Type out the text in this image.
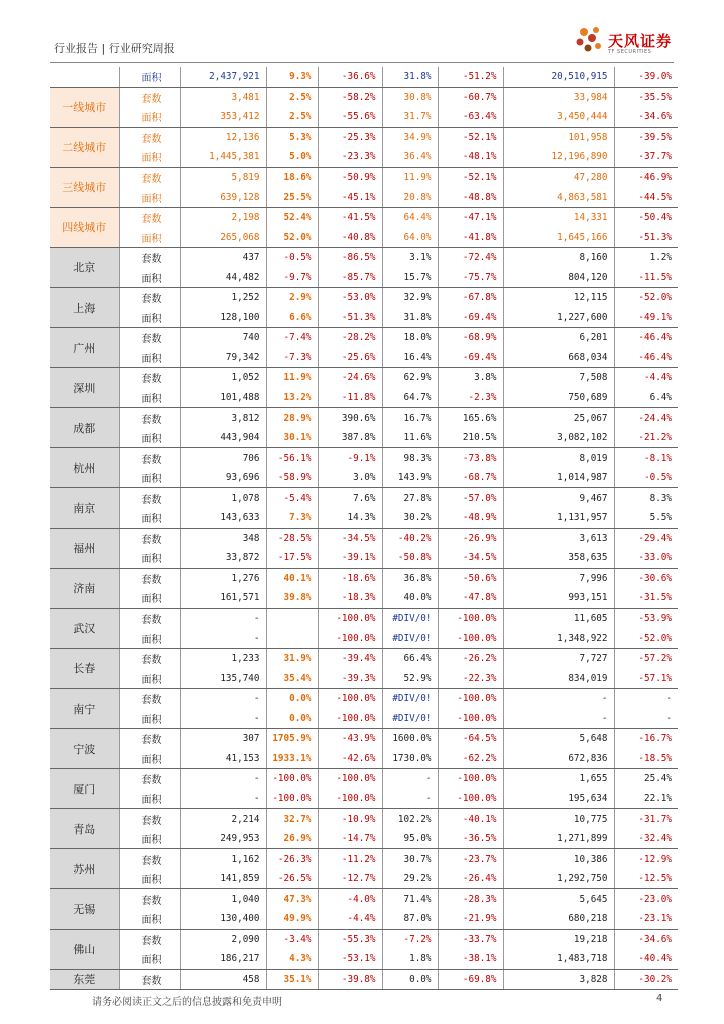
行业报告 | 行业研究周报	天风证券
TF SECURITIES
	面积	2,437,921	9.3%	-36.6%	31.8%	-51.2%	20,510,915	-39.0%
一线城市	套数	3,481	2.5%	-58.2%	30.8%	-60.7%	33,984	-35.5%
	面积	353,412	2.5%	-55.6%	31.7%	-63.4%	3,450,444	-34.6%
二线城市	套数	12,136	5.3%	-25.3%	34.9%	-52.1%	101,958	-39.5%
	面积	1,445,381	5.0%	-23.3%	36.4%	-48.1%	12,196,890	-37.7%
三线城市	套数	5,819	18.6%	-50.9%	11.9%	-52.1%	47,280	-46.9%
	面积	639,128	25.5%	-45.1%	20.8%	-48.8%	4,863,581	-44.5%
四线城市	套数	2,198	52.4%	-41.5%	64.4%	-47.1%	14,331	-50.4%
	面积	265,068	52.0%	-40.8%	64.0%	-41.8%	1,645,166	-51.3%
北京	套数	437	-0.5%	-86.5%	3.1%	-72.4%	8,160	1.2%
	面积	44,482	-9.7%	-85.7%	15.7%	-75.7%	804,120	-11.5%
上海	套数	1,252	2.9%	-53.0%	32.9%	-67.8%	12,115	-52.0%
	面积	128,100	6.6%	-51.3%	31.8%	-69.4%	1,227,600	-49.1%
广州	套数	740	-7.4%	-28.2%	18.0%	-68.9%	6,201	-46.4%
	面积	79,342	-7.3%	-25.6%	16.4%	-69.4%	668,034	-46.4%
深圳	套数	1,052	11.9%	-24.6%	62.9%	3.8%	7,508	-4.4%
	面积	101,488	13.2%	-11.8%	64.7%	-2.3%	750,689	6.4%
成都	套数	3,812	28.9%	390.6%	16.7%	165.6%	25,067	-24.4%
	面积	443,904	30.1%	387.8%	11.6%	210.5%	3,082,102	-21.2%
杭州	套数	706	-56.1%	-9.1%	98.3%	-73.8%	8,019	-8.1%
	面积	93,696	-58.9%	3.0%	143.9%	-68.7%	1,014,987	-0.5%
南京	套数	1,078	-5.4%	7.6%	27.8%	-57.0%	9,467	8.3%
	面积	143,633	7.3%	14.3%	30.2%	-48.9%	1,131,957	5.5%
福州	套数	348	-28.5%	-34.5%	-40.2%	-26.9%	3,613	-29.4%
	面积	33,872	-17.5%	-39.1%	-50.8%	-34.5%	358,635	-33.0%
济南	套数	1,276	40.1%	-18.6%	36.8%	-50.6%	7,996	-30.6%
	面积	161,571	39.8%	-18.3%	40.0%	-47.8%	993,151	-31.5%
武汉	套数	-		-100.0%	#DIV/0!	-100.0%	11,605	-53.9%
	面积	-		-100.0%	#DIV/0!	-100.0%	1,348,922	-52.0%
长春	套数	1,233	31.9%	-39.4%	66.4%	-26.2%	7,727	-57.2%
	面积	135,740	35.4%	-39.3%	52.9%	-22.3%	834,019	-57.1%
南宁	套数	-	0.0%	-100.0%	#DIV/0!	-100.0%	-	-
	面积	-	0.0%	-100.0%	#DIV/0!	-100.0%	-	-
宁波	套数	307	1705.9%	-43.9%	1600.0%	-64.5%	5,648	-16.7%
	面积	41,153	1933.1%	-42.6%	1730.0%	-62.2%	672,836	-18.5%
厦门	套数	-	-100.0%	-100.0%	-	-100.0%	1,655	25.4%
	面积	-	-100.0%	-100.0%	-	-100.0%	195,634	22.1%
青岛	套数	2,214	32.7%	-10.9%	102.2%	-40.1%	10,775	-31.7%
	面积	249,953	26.9%	-14.7%	95.0%	-36.5%	1,271,899	-32.4%
苏州	套数	1,162	-26.3%	-11.2%	30.7%	-23.7%	10,386	-12.9%
	面积	141,859	-26.5%	-12.7%	29.2%	-26.4%	1,292,750	-12.5%
无锡	套数	1,040	47.3%	-4.0%	71.4%	-28.3%	5,645	-23.0%
	面积	130,400	49.9%	-4.4%	87.0%	-21.9%	680,218	-23.1%
佛山	套数	2,090	-3.4%	-55.3%	-7.2%	-33.7%	19,218	-34.6%
	面积	186,217	4.3%	-53.1%	1.8%	-38.1%	1,483,718	-40.4%
东莞	套数	458	35.1%	-39.8%	0.0%	-69.8%	3,828	-30.2%
请务必阅读正文之后的信息披露和免责申明	4
